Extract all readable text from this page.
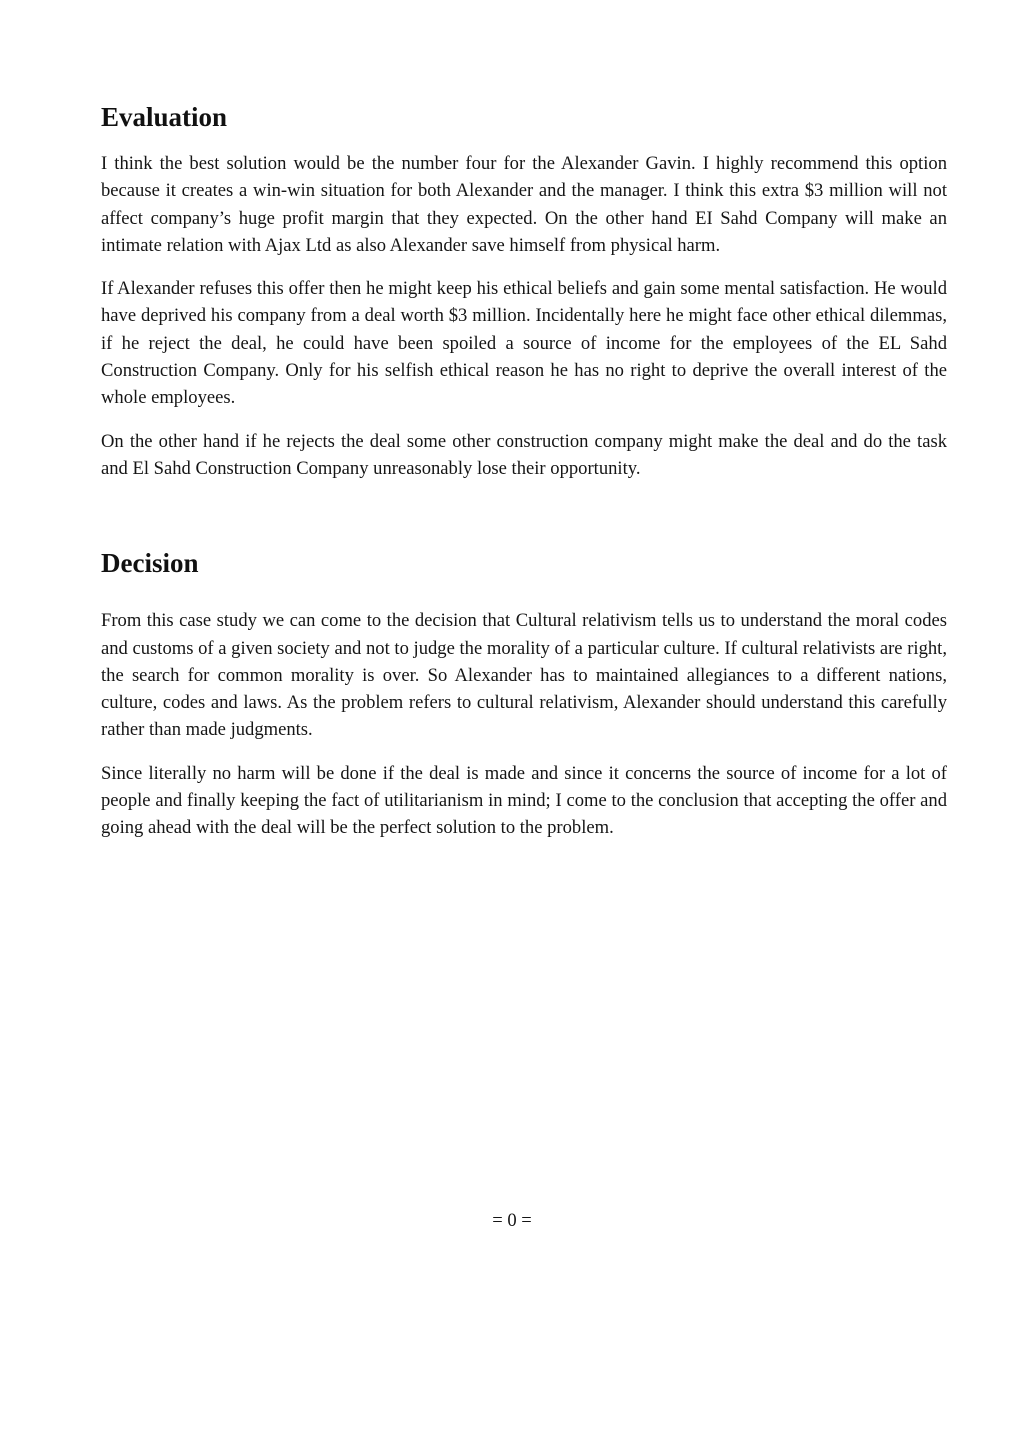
Evaluation

I think the best solution would be the number four for the Alexander Gavin. I highly recommend this option because it creates a win-win situation for both Alexander and the manager. I think this extra $3 million will not affect company’s huge profit margin that they expected. On the other hand EI Sahd Company will make an intimate relation with Ajax Ltd as also Alexander save himself from physical harm.

If Alexander refuses this offer then he might keep his ethical beliefs and gain some mental satisfaction. He would have deprived his company from a deal worth $3 million. Incidentally here he might face other ethical dilemmas, if he reject the deal, he could have been spoiled a source of income for the employees of the EL Sahd Construction Company. Only for his selfish ethical reason he has no right to deprive the overall interest of the whole employees.

On the other hand if he rejects the deal some other construction company might make the deal and do the task and El Sahd Construction Company unreasonably lose their opportunity.

Decision

From this case study we can come to the decision that Cultural relativism tells us to understand the moral codes and customs of a given society and not to judge the morality of a particular culture. If cultural relativists are right, the search for common morality is over. So Alexander has to maintained allegiances to a different nations, culture, codes and laws. As the problem refers to cultural relativism, Alexander should understand this carefully rather than made judgments.

Since literally no harm will be done if the deal is made and since it concerns the source of income for a lot of people and finally keeping the fact of utilitarianism in mind; I come to the conclusion that accepting the offer and going ahead with the deal will be the perfect solution to the problem.

= 0 =
